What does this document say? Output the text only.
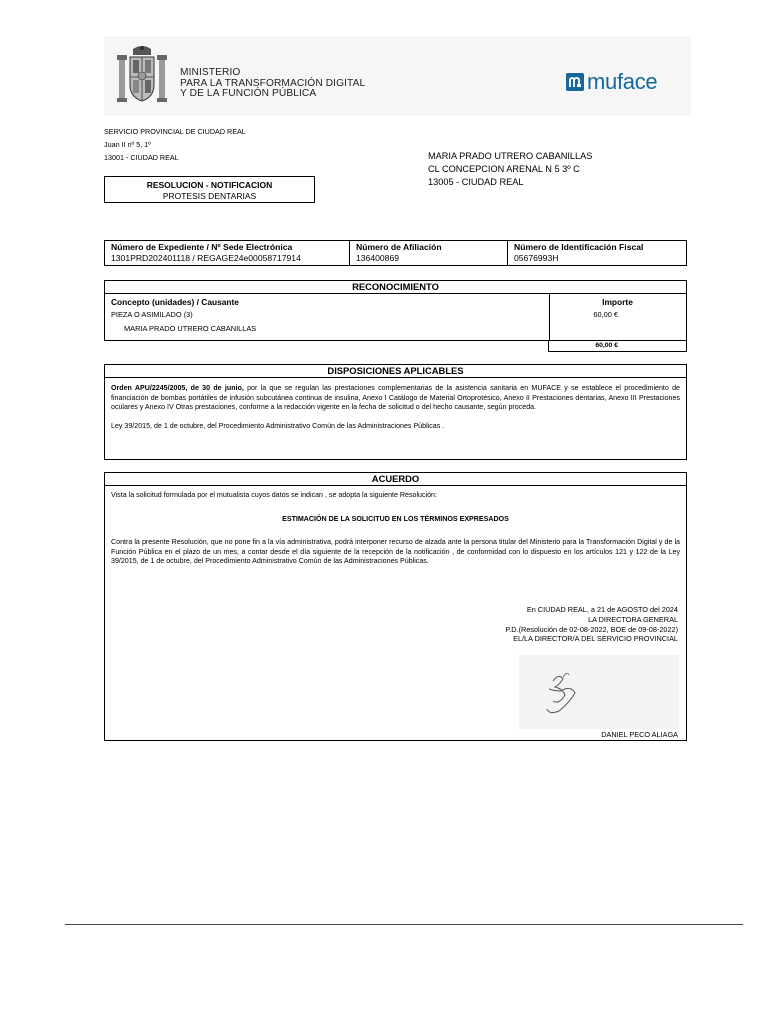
MINISTERIO
PARA LA TRANSFORMACIÓN DIGITAL
Y DE LA FUNCIÓN PÚBLICA	muface
SERVICIO PROVINCIAL DE CIUDAD REAL
Juan II nº 5, 1º
13001 - CIUDAD REAL	MARIA PRADO UTRERO CABANILLAS
CL CONCEPCION ARENAL N 5 3º C
13005 - CIUDAD REAL
RESOLUCION - NOTIFICACION
PROTESIS DENTARIAS
Número de Expediente / Nº Sede Electrónica
1301PRD202401118 / REGAGE24e00058717914
Número de Afiliación
136400869
Número de Identificación Fiscal
05676993H
RECONOCIMIENTO
Concepto (unidades) / Causante
PIEZA O ASIMILADO (3)
MARIA PRADO UTRERO CABANILLAS
Importe
60,00 €
60,00 €
DISPOSICIONES APLICABLES

Orden APU/2245/2005, de 30 de junio, por la que se regulan las prestaciones complementarias de la asistencia sanitaria en MUFACE y se establece el procedimiento de financiación de bombas portátiles de infusión subcutánea continua de insulina, Anexo I Catálogo de Material Ortoprotésico, Anexo II Prestaciones dentarias, Anexo III Prestaciones oculares y Anexo IV Otras prestaciones, conforme a la redacción vigente en la fecha de solicitud o del hecho causante, según proceda.

Ley 39/2015, de 1 de octubre, del Procedimiento Administrativo Común de las Administraciones Públicas .

ACUERDO

Vista la solicitud formulada por el mutualista cuyos datos se indican , se adopta la siguiente Resolución:

ESTIMACIÓN DE LA SOLICITUD EN LOS TÉRMINOS EXPRESADOS

Contra la presente Resolución, que no pone fin a la vía administrativa, podrá interponer recurso de alzada ante la persona titular del Ministerio para la Transformación Digital y de la Función Pública en el plazo de un mes, a contar desde el día siguiente de la recepción de la notificación , de conformidad con lo dispuesto en los artículos 121 y 122 de la Ley 39/2015, de 1 de octubre, del Procedimiento Administrativo Común de las Administraciones Públicas.

En CIUDAD REAL, a 21 de AGOSTO del 2024
LA DIRECTORA GENERAL
P.D.(Resolución de 02-08-2022, BOE de 09-08-2022)
EL/LA DIRECTOR/A DEL SERVICIO PROVINCIAL
DANIEL PECO ALIAGA
